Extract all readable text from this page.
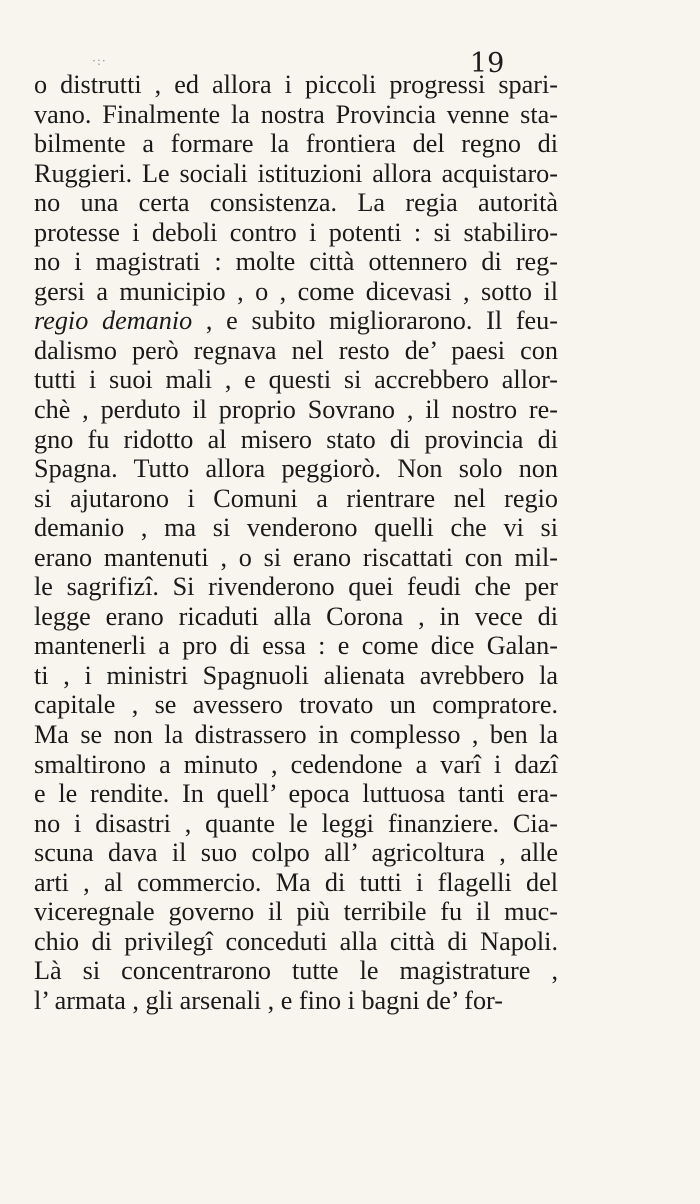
·:·	19
o distrutti , ed allora i piccoli progressi spari-
vano. Finalmente la nostra Provincia venne sta-
bilmente a formare la frontiera del regno di
Ruggieri. Le sociali istituzioni allora acquistaro-
no una certa consistenza. La regia autorità
protesse i deboli contro i potenti : si stabiliro-
no i magistrati : molte città ottennero di reg-
gersi a municipio , o , come dicevasi , sotto il
regio demanio , e subito migliorarono. Il feu-
dalismo però regnava nel resto de’ paesi con
tutti i suoi mali , e questi si accrebbero allor-
chè , perduto il proprio Sovrano , il nostro re-
gno fu ridotto al misero stato di provincia di
Spagna. Tutto allora peggiorò. Non solo non
si ajutarono i Comuni a rientrare nel regio
demanio , ma si venderono quelli che vi si
erano mantenuti , o si erano riscattati con mil-
le sagrifizî. Si rivenderono quei feudi che per
legge erano ricaduti alla Corona , in vece di
mantenerli a pro di essa : e come dice Galan-
ti , i ministri Spagnuoli alienata avrebbero la
capitale , se avessero trovato un compratore.
Ma se non la distrassero in complesso , ben la
smaltirono a minuto , cedendone a varî i dazî
e le rendite. In quell’ epoca luttuosa tanti era-
no i disastri , quante le leggi finanziere. Cia-
scuna dava il suo colpo all’ agricoltura , alle
arti , al commercio. Ma di tutti i flagelli del
viceregnale governo il più terribile fu il muc-
chio di privilegî conceduti alla città di Napoli.
Là si concentrarono tutte le magistrature ,
l’ armata , gli arsenali , e fino i bagni de’ for-
